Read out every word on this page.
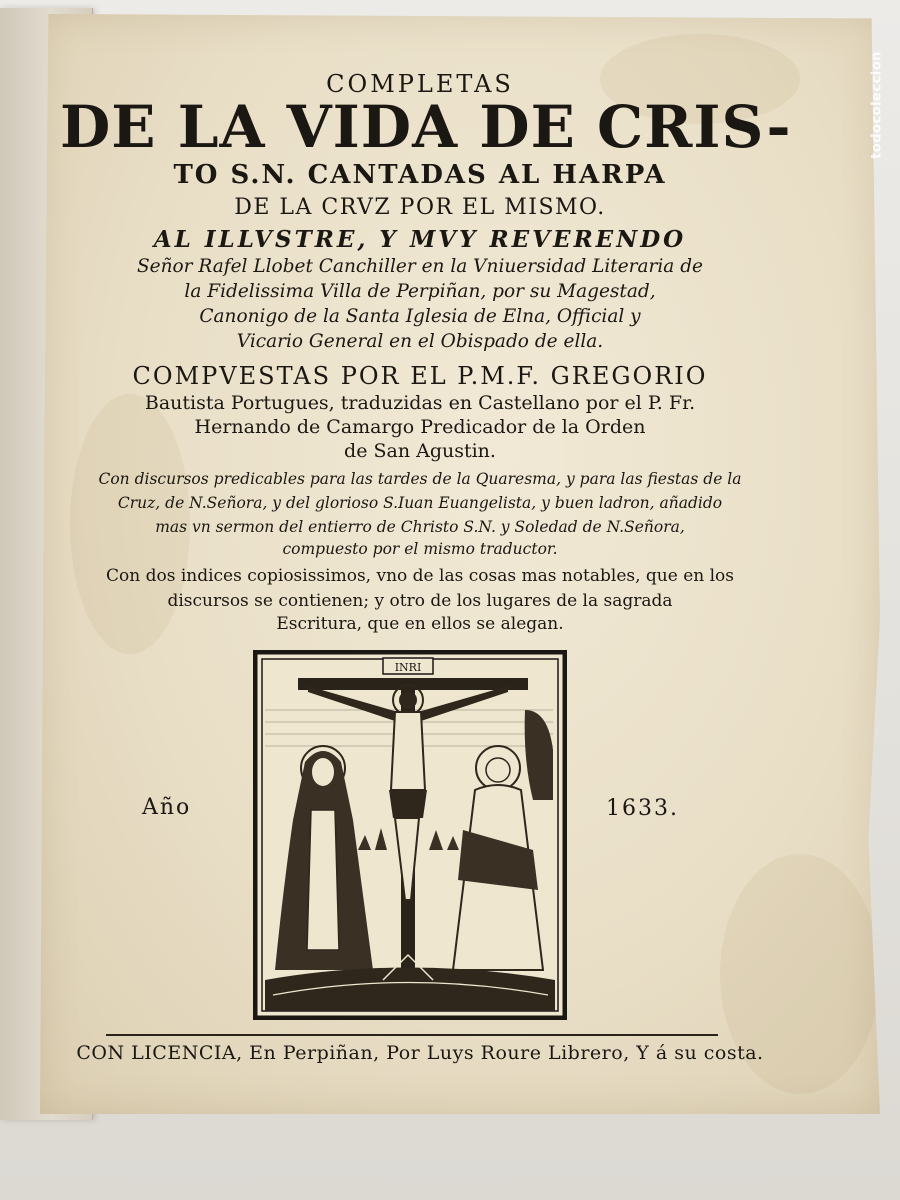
COMPLETAS
DE LA VIDA DE CRIS-
TO S.N. CANTADAS AL HARPA
DE LA CRVZ POR EL MISMO.
AL ILLVSTRE, Y MVY REVERENDO
Señor Rafel Llobet Canchiller en la Vniuersidad Literaria de
la Fidelissima Villa de Perpiñan, por su Magestad,
Canonigo de la Santa Iglesia de Elna, Official y
Vicario General en el Obispado de ella.
COMPVESTAS POR EL P.M.F. GREGORIO
Bautista Portugues, traduzidas en Castellano por el P. Fr.
Hernando de Camargo Predicador de la Orden
de San Agustin.
Con discursos predicables para las tardes de la Quaresma, y para las fiestas de la
Cruz, de N.Señora, y del glorioso S.Iuan Euangelista, y buen ladron, añadido
mas vn sermon del entierro de Christo S.N. y Soledad de N.Señora,
compuesto por el mismo traductor.
Con dos indices copiosissimos, vno de las cosas mas notables, que en los
discursos se contienen; y otro de los lugares de la sagrada
Escritura, que en ellos se alegan.
Año	1633.
INRI
CON LICENCIA, En Perpiñan, Por Luys Roure Librero, Y á su costa.
todocoleccion
